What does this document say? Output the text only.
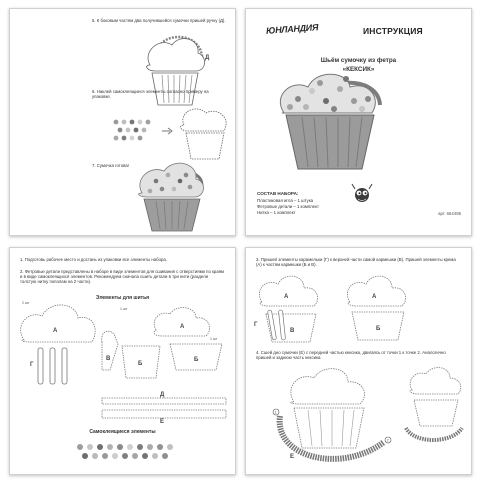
5. К боковым частям два получившейся сумочки пришей ручку (Д).
Д
6. Наклей самоклеящиеся элементы согласно примеру на упаковке.
7. Сумочка готова!
ЮНЛАНДИЯ	ИНСТРУКЦИЯ
Шьём сумочку из фетра
«КЕКСИК»
СОСТАВ НАБОРА:
Пластиковая игла – 1 штука
Фетровые детали – 1 комплект
Нитка – 1 комплект	арт. 664495
1. Подготовь рабочее место и достань из упаковки все элементы набора.
2. Фетровые детали представлены в наборе в виде элементов для сшивания с отверстиями по краям и в виде самоклеящихся элементов. Рекомендуем сначала сшить детали в три нити (раздели толстую нитку пополам на 2 части).
Элементы для шитья
А
2 шт
А
Б
1 шт
В
1 шт
Г	Б
Д
Е
Самоклеящиеся элементы
3. Пришей элементы карамельки (Г) к верхней части самой кармешки (В). Пришей элементы крема (А) к частям кармешки (Б и В).
А
В
Г
А
Б
4. Сшей дно сумочки (Е) с передней частью кексика, двигаясь от точки 1 к точке 2. Аналогично пришей и заднюю часть кексика.
Е
1
2
